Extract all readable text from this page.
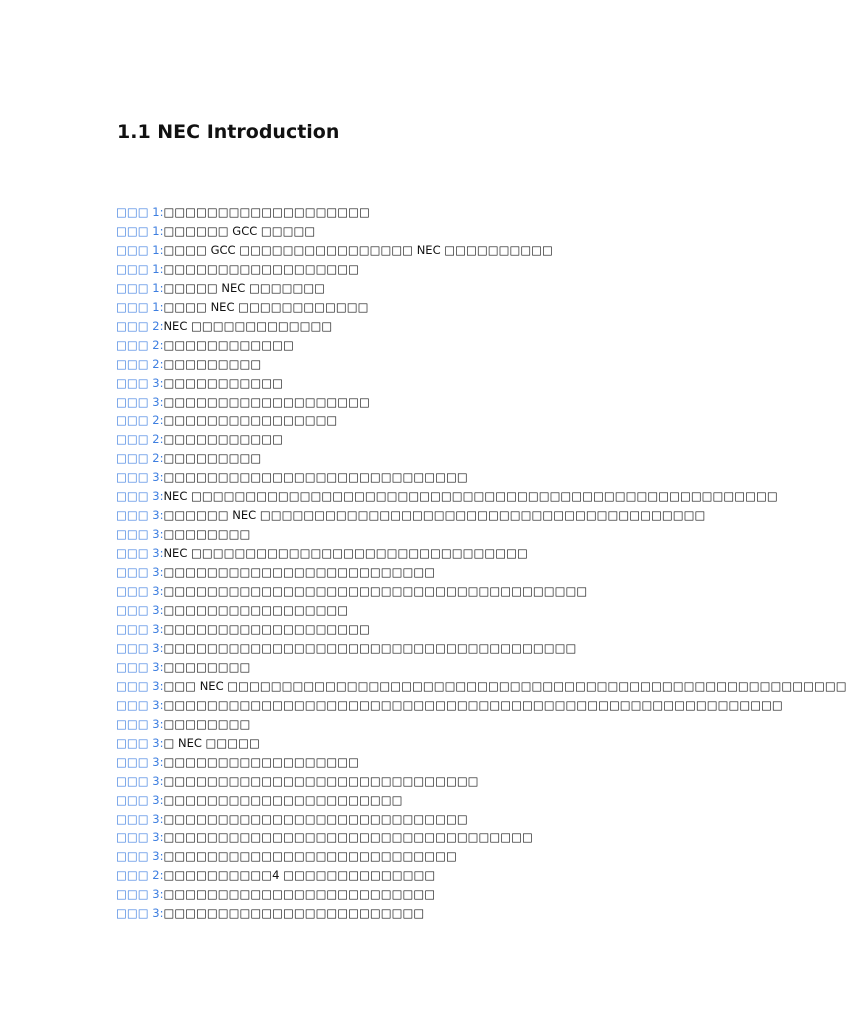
1.1 NEC Introduction
□□□ 1:□□□□□□□□□□□□□□□□□□□
□□□ 1:□□□□□□ GCC □□□□□
□□□ 1:□□□□ GCC □□□□□□□□□□□□□□□□ NEC □□□□□□□□□□
□□□ 1:□□□□□□□□□□□□□□□□□□
□□□ 1:□□□□□ NEC □□□□□□□
□□□ 1:□□□□ NEC □□□□□□□□□□□□
□□□ 2:NEC □□□□□□□□□□□□□
□□□ 2:□□□□□□□□□□□□
□□□ 2:□□□□□□□□□
□□□ 3:□□□□□□□□□□□
□□□ 3:□□□□□□□□□□□□□□□□□□□
□□□ 2:□□□□□□□□□□□□□□□□
□□□ 2:□□□□□□□□□□□
□□□ 2:□□□□□□□□□
□□□ 3:□□□□□□□□□□□□□□□□□□□□□□□□□□□□
□□□ 3:NEC □□□□□□□□□□□□□□□□□□□□□□□□□□□□□□□□□□□□□□□□□□□□□□□□□□□□□□
□□□ 3:□□□□□□ NEC □□□□□□□□□□□□□□□□□□□□□□□□□□□□□□□□□□□□□□□□□
□□□ 3:□□□□□□□□
□□□ 3:NEC □□□□□□□□□□□□□□□□□□□□□□□□□□□□□□□
□□□ 3:□□□□□□□□□□□□□□□□□□□□□□□□□
□□□ 3:□□□□□□□□□□□□□□□□□□□□□□□□□□□□□□□□□□□□□□□
□□□ 3:□□□□□□□□□□□□□□□□□
□□□ 3:□□□□□□□□□□□□□□□□□□□
□□□ 3:□□□□□□□□□□□□□□□□□□□□□□□□□□□□□□□□□□□□□□
□□□ 3:□□□□□□□□
□□□ 3:□□□ NEC □□□□□□□□□□□□□□□□□□□□□□□□□□□□□□□□□□□□□□□□□□□□□□□□□□□□□□□□□
□□□ 3:□□□□□□□□□□□□□□□□□□□□□□□□□□□□□□□□□□□□□□□□□□□□□□□□□□□□□□□□□
□□□ 3:□□□□□□□□
□□□ 3:□ NEC □□□□□
□□□ 3:□□□□□□□□□□□□□□□□□□
□□□ 3:□□□□□□□□□□□□□□□□□□□□□□□□□□□□□
□□□ 3:□□□□□□□□□□□□□□□□□□□□□□
□□□ 3:□□□□□□□□□□□□□□□□□□□□□□□□□□□□
□□□ 3:□□□□□□□□□□□□□□□□□□□□□□□□□□□□□□□□□□
□□□ 3:□□□□□□□□□□□□□□□□□□□□□□□□□□□
□□□ 2:□□□□□□□□□□4 □□□□□□□□□□□□□□
□□□ 3:□□□□□□□□□□□□□□□□□□□□□□□□□
□□□ 3:□□□□□□□□□□□□□□□□□□□□□□□□
